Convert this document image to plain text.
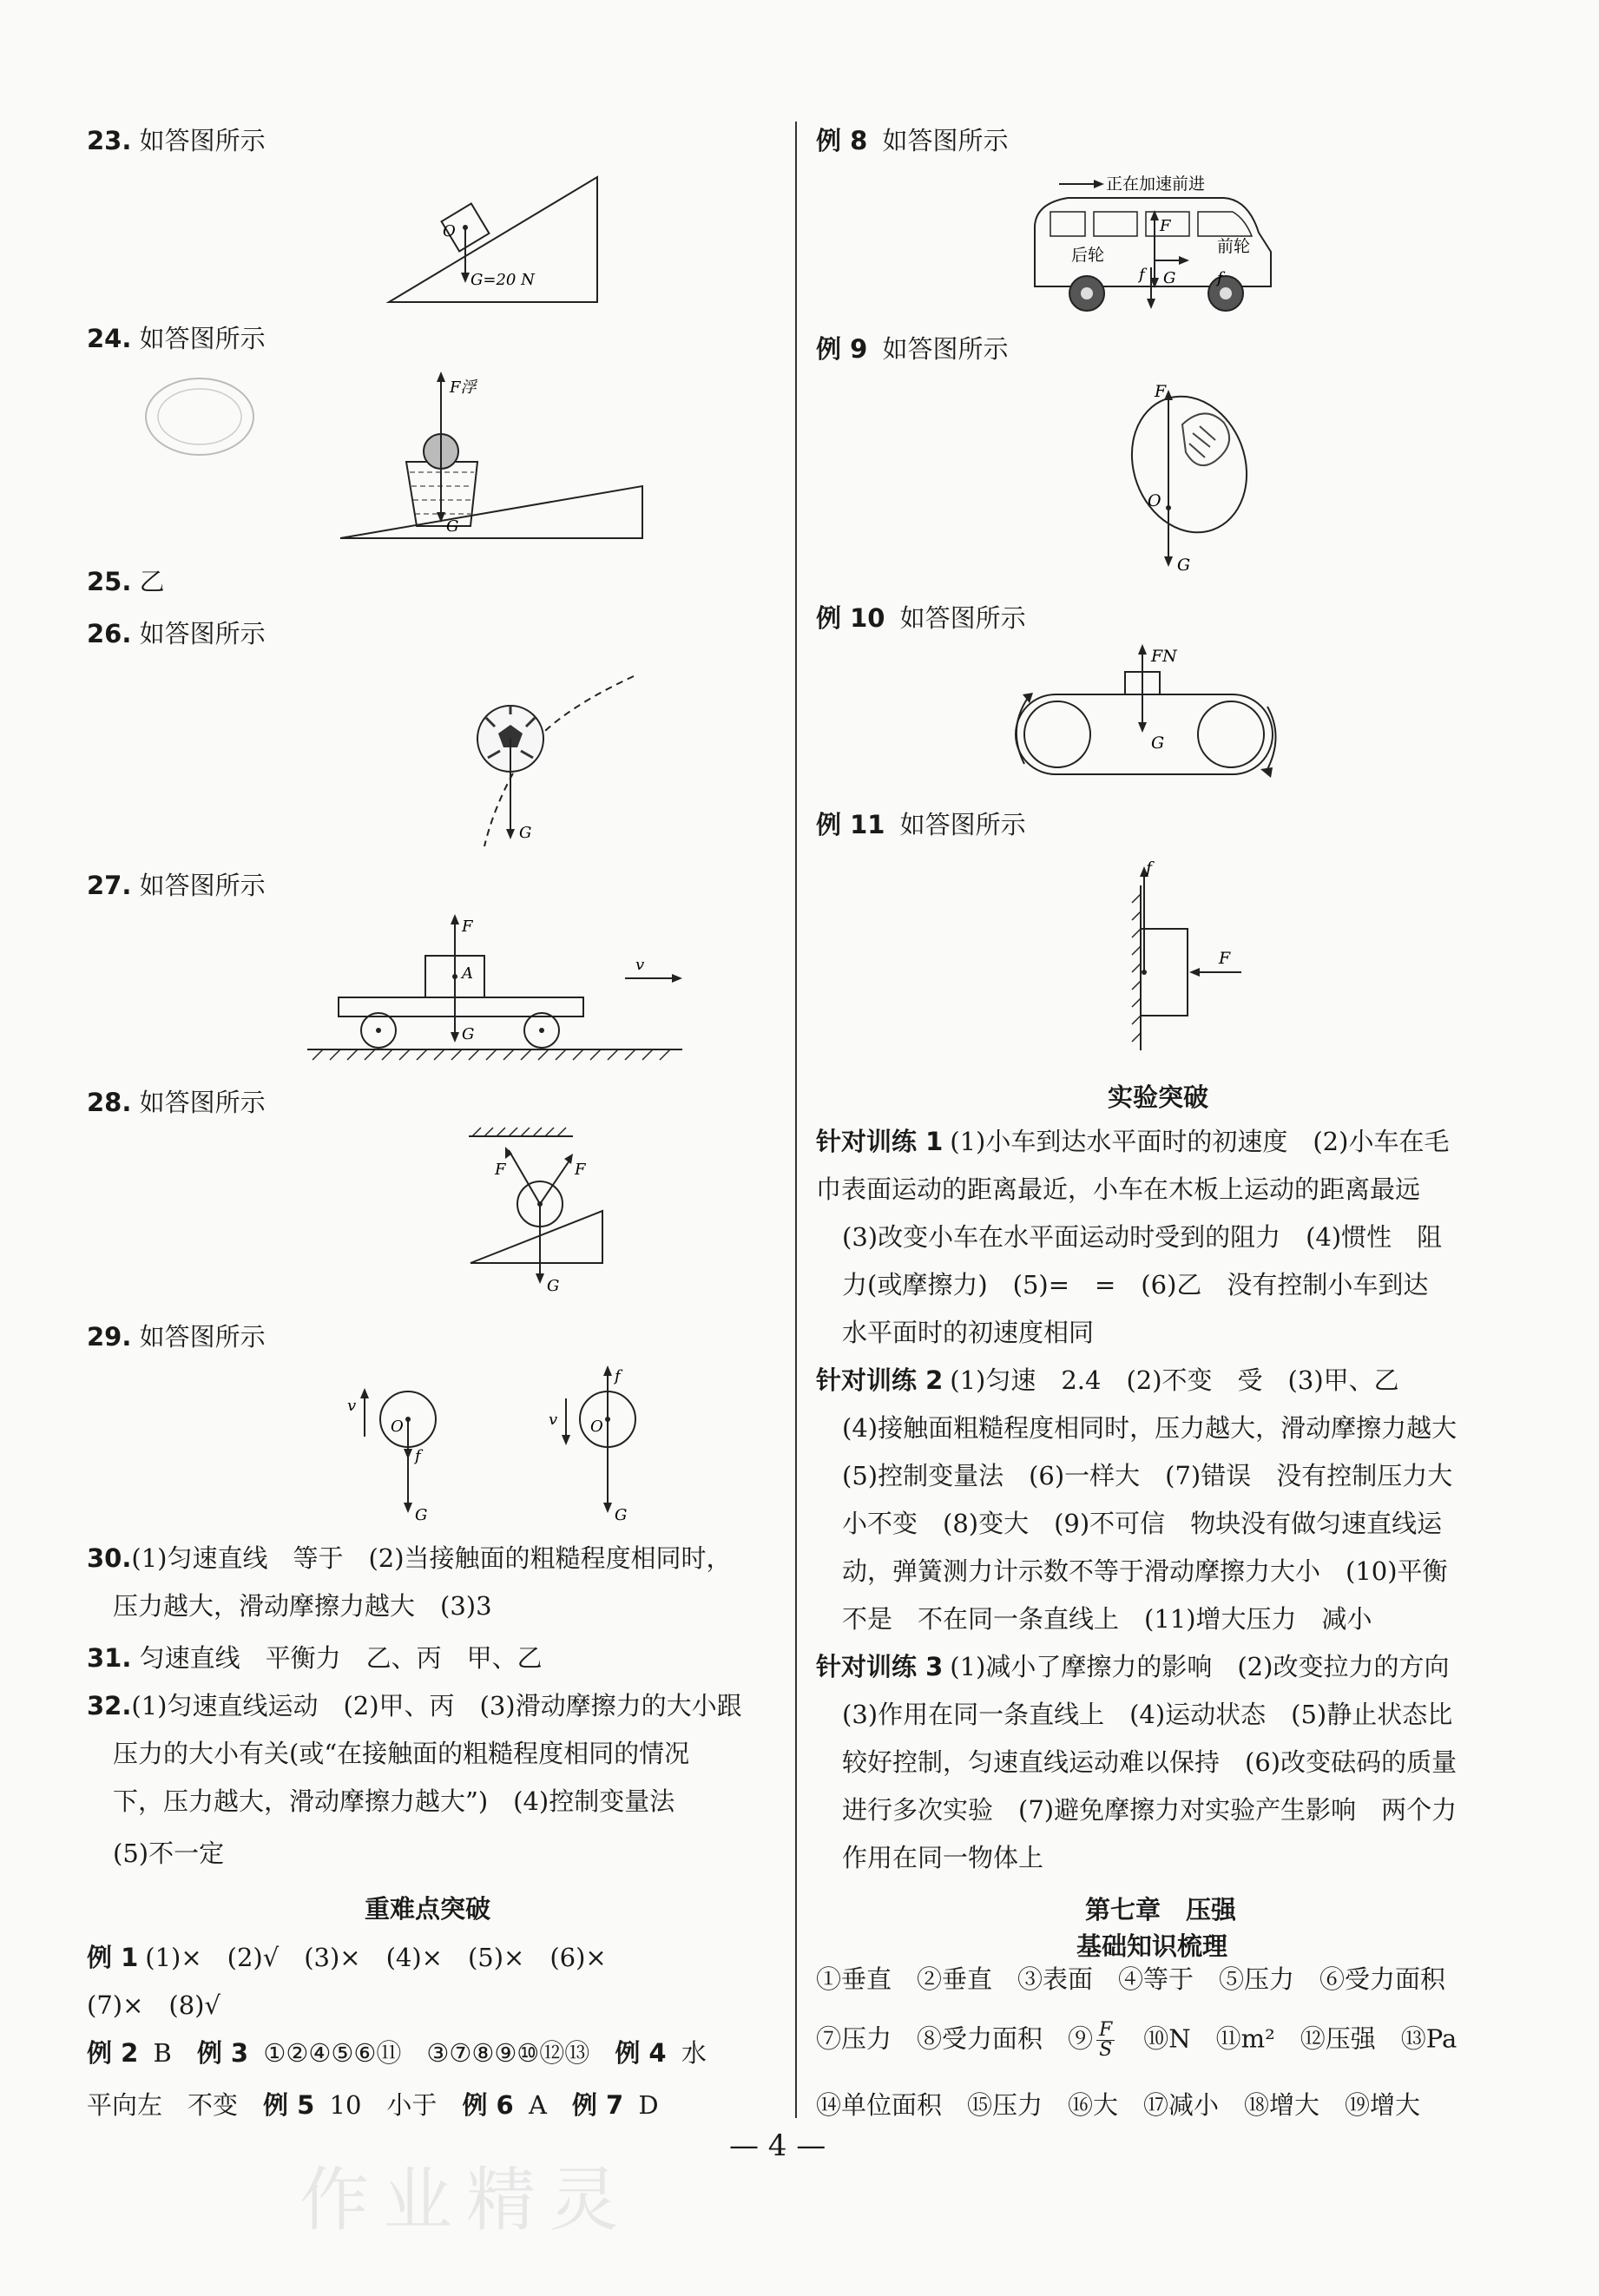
23. 如答图所示
O
G=20 N
24. 如答图所示
F浮
G
25. 乙
26. 如答图所示
G
27. 如答图所示
F
A	v
G
28. 如答图所示
F	F
G
29. 如答图所示
v
O
f
G
v O
f
G
30.(1)匀速直线　等于　(2)当接触面的粗糙程度相同时，
压力越大，滑动摩擦力越大　(3)3
31. 匀速直线　平衡力　乙、丙　甲、乙
32.(1)匀速直线运动　(2)甲、丙　(3)滑动摩擦力的大小跟
压力的大小有关(或“在接触面的粗糙程度相同的情况
下，压力越大，滑动摩擦力越大”)　(4)控制变量法
(5)不一定
重难点突破
例 1 (1)×　(2)√　(3)×　(4)×　(5)×　(6)×
(7)×　(8)√
例 2 B　 例 3 ①②④⑤⑥⑪　③⑦⑧⑨⑩⑫⑬　 例 4 水
平向左　不变　 例 5 10　小于　 例 6 A　 例 7 D
例 8 如答图所示
正在加速前进
后轮	前轮
F
f G	f
例 9 如答图所示
F
O
G
例 10 如答图所示
FN
G
例 11 如答图所示
f
F
实验突破
针对训练 1 (1)小车到达水平面时的初速度　(2)小车在毛
巾表面运动的距离最近，小车在木板上运动的距离最远
(3)改变小车在水平面运动时受到的阻力　(4)惯性　阻
力(或摩擦力)　(5)=　=　(6)乙　没有控制小车到达
水平面时的初速度相同
针对训练 2 (1)匀速　2.4　(2)不变　受　(3)甲、乙
(4)接触面粗糙程度相同时，压力越大，滑动摩擦力越大
(5)控制变量法　(6)一样大　(7)错误　没有控制压力大
小不变　(8)变大　(9)不可信　物块没有做匀速直线运
动，弹簧测力计示数不等于滑动摩擦力大小　(10)平衡
不是　不在同一条直线上　(11)增大压力　减小
针对训练 3 (1)减小了摩擦力的影响　(2)改变拉力的方向
(3)作用在同一条直线上　(4)运动状态　(5)静止状态比
较好控制，匀速直线运动难以保持　(6)改变砝码的质量
进行多次实验　(7)避免摩擦力对实验产生影响　两个力
作用在同一物体上
第七章　压强
基础知识梳理
①垂直　②垂直　③表面　④等于　⑤压力　⑥受力面积
⑦压力　⑧受力面积　⑨ $\frac{F}{S}$ 　⑩N　⑪m²　⑫压强　⑬Pa
⑭单位面积　⑮压力　⑯大　⑰减小　⑱增大　⑲增大
— 4 —
作业精灵
